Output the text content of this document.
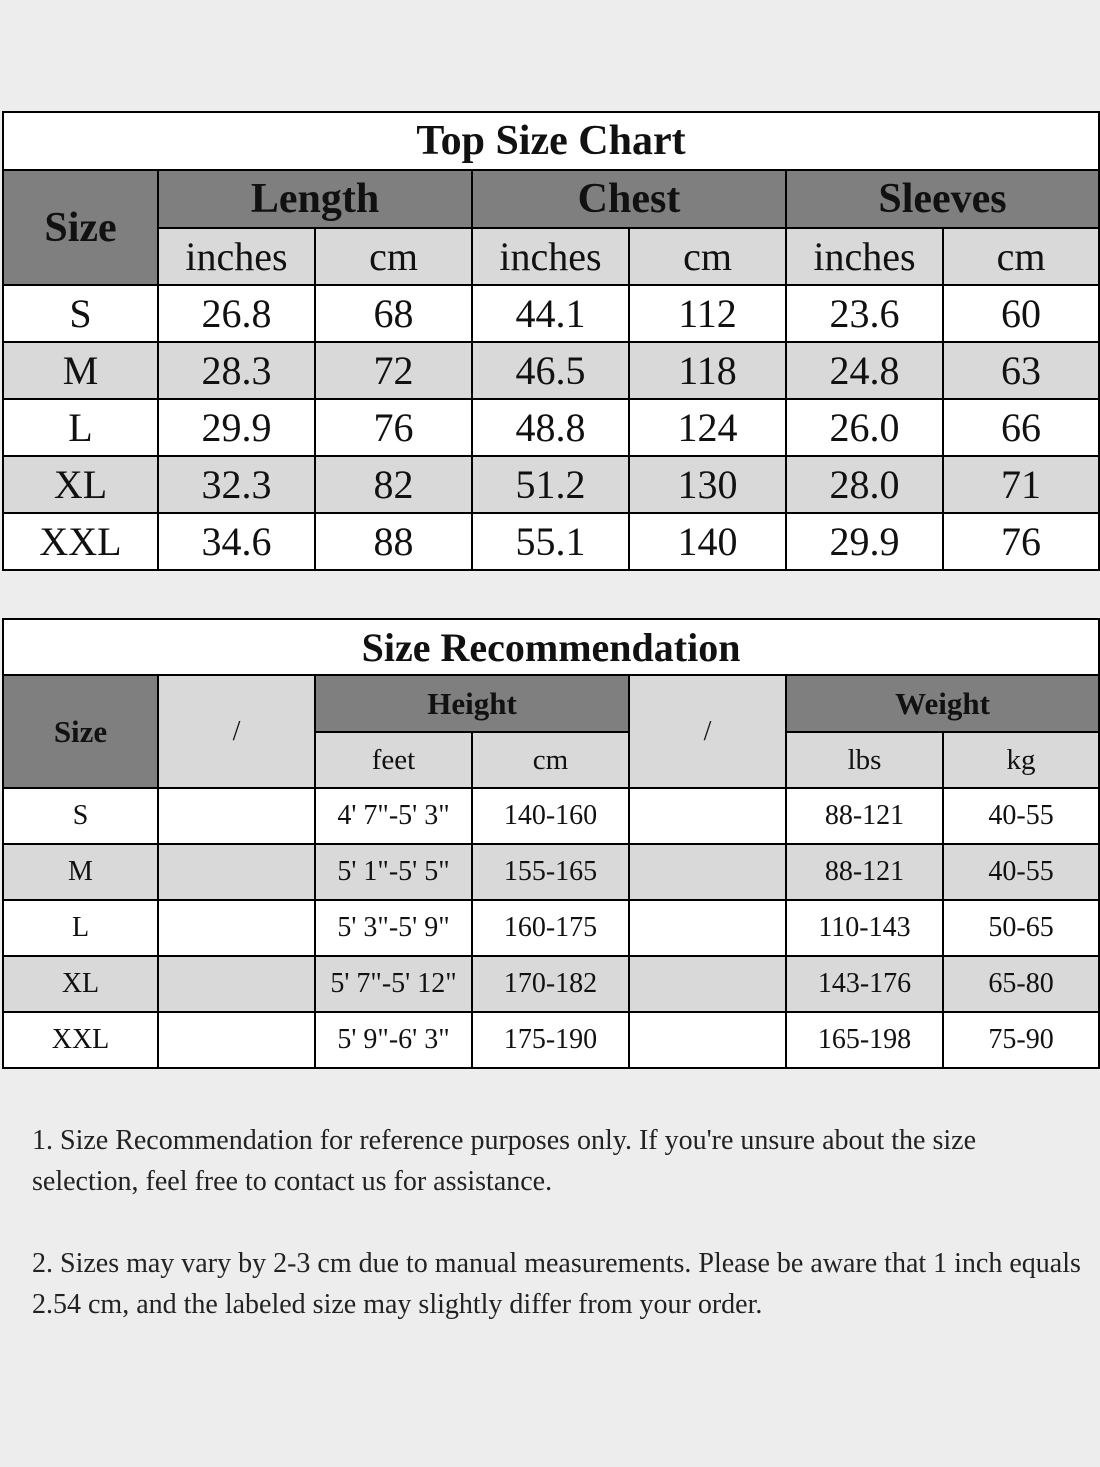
Top Size Chart						
Size	Length		Chest		Sleeves	
	inches	cm	inches	cm	inches	cm
S	26.8	68	44.1	112	23.6	60
M	28.3	72	46.5	118	24.8	63
L	29.9	76	48.8	124	26.0	66
XL	32.3	82	51.2	130	28.0	71
XXL	34.6	88	55.1	140	29.9	76
Size Recommendation						
Size	/	Height		/	Weight	
		feet	cm		lbs	kg
S		4' 7"-5' 3"	140-160		88-121	40-55
M		5' 1"-5' 5"	155-165		88-121	40-55
L		5' 3"-5' 9"	160-175		110-143	50-65
XL		5' 7"-5' 12"	170-182		143-176	65-80
XXL		5' 9"-6' 3"	175-190		165-198	75-90
1. Size Recommendation for reference purposes only. If you're unsure about the size selection, feel free to contact us for assistance.
2. Sizes may vary by 2-3 cm due to manual measurements. Please be aware that 1 inch equals 2.54 cm, and the labeled size may slightly differ from your order.
